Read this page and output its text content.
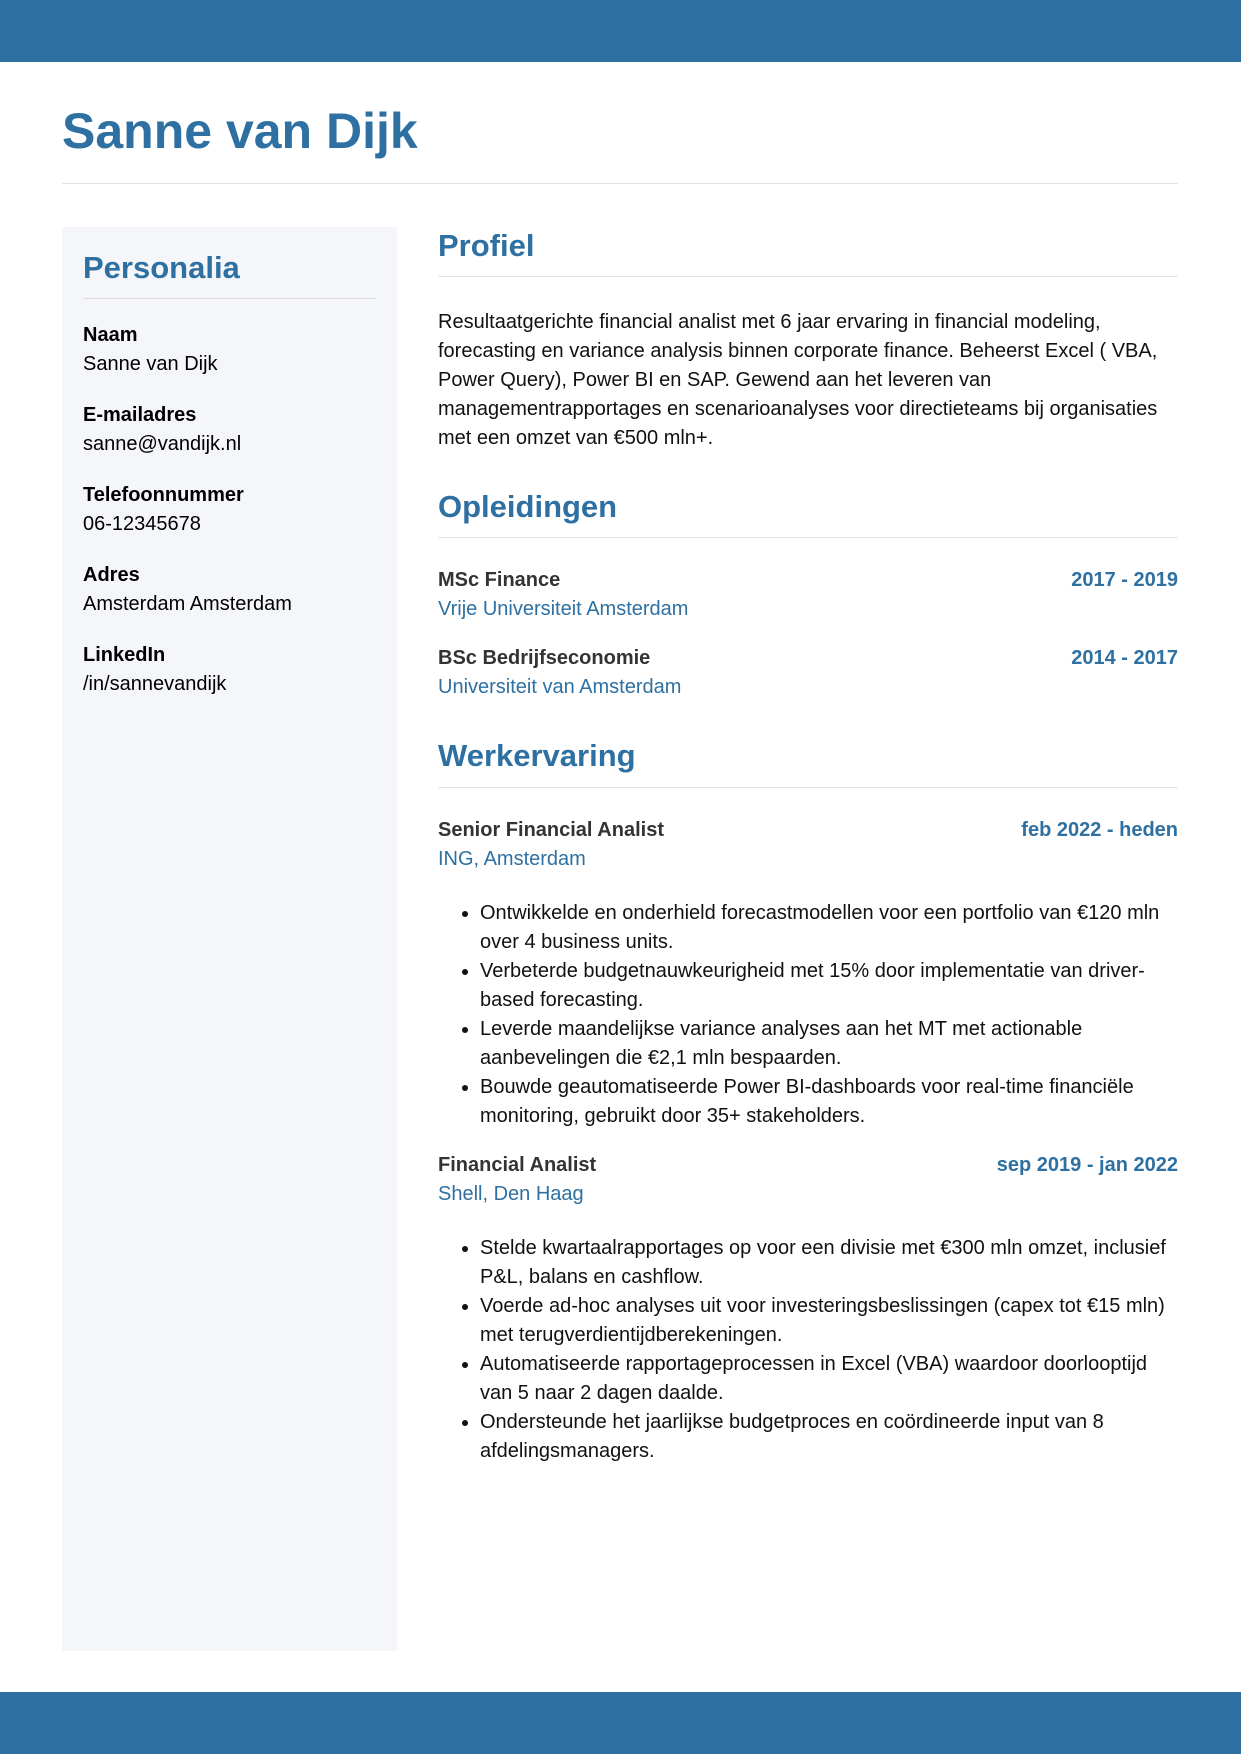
Sanne van Dijk
Personalia
Naam
Sanne van Dijk
E-mailadres
sanne@vandijk.nl
Telefoonnummer
06-12345678
Adres
Amsterdam Amsterdam
LinkedIn
/in/sannevandijk
Profiel

Resultaatgerichte financial analist met 6 jaar ervaring in financial modeling, forecasting en variance analysis binnen corporate finance. Beheerst Excel ( VBA, Power Query), Power BI en SAP. Gewend aan het leveren van managementrapportages en scenarioanalyses voor directieteams bij organisaties met een omzet van €500 mln+.

Opleidingen
MSc Finance	2017 - 2019
Vrije Universiteit Amsterdam
BSc Bedrijfseconomie	2014 - 2017
Universiteit van Amsterdam
Werkervaring
Senior Financial Analist	feb 2022 - heden
ING, Amsterdam
• Ontwikkelde en onderhield forecastmodellen voor een portfolio van €120 mln over 4 business units.
• Verbeterde budgetnauwkeurigheid met 15% door implementatie van driver-based forecasting.
• Leverde maandelijkse variance analyses aan het MT met actionable aanbevelingen die €2,1 mln bespaarden.
• Bouwde geautomatiseerde Power BI-dashboards voor real-time financiële monitoring, gebruikt door 35+ stakeholders.
Financial Analist	sep 2019 - jan 2022
Shell, Den Haag
• Stelde kwartaalrapportages op voor een divisie met €300 mln omzet, inclusief P&L, balans en cashflow.
• Voerde ad-hoc analyses uit voor investeringsbeslissingen (capex tot €15 mln) met terugverdientijdberekeningen.
• Automatiseerde rapportageprocessen in Excel (VBA) waardoor doorlooptijd van 5 naar 2 dagen daalde.
• Ondersteunde het jaarlijkse budgetproces en coördineerde input van 8 afdelingsmanagers.
